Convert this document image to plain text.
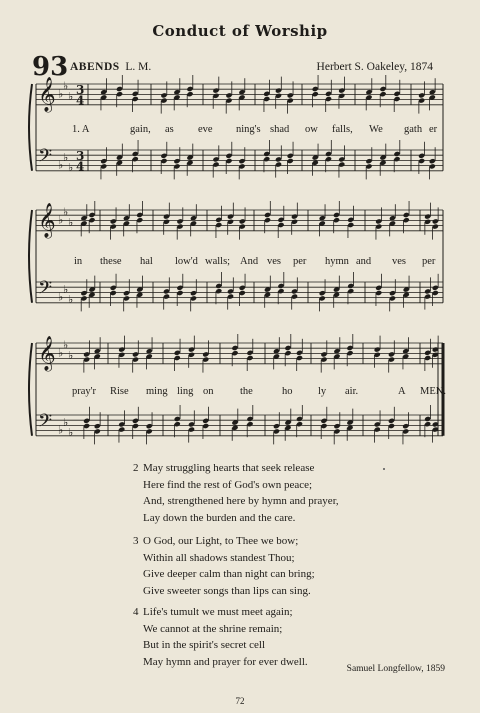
Conduct of Worship
93 ABENDS L. M.	Herbert S. Oakeley, 1874
𝄞 ♭
♭
♭ 3
4
𝄢 ♭
♭
♭
3
4
𝄞 ♭
♭
♭
𝄢 ♭
♭
♭
𝄞 ♭
♭
♭
𝄢 ♭
♭
♭
1. A	gain, as eve ning's shad ow falls, We gath er
in these hal low'd walls; And ves per hymn and ves per
pray'r Rise ming ling on	the	ho ly air.	A MEN.
2 May struggling hearts that seek release
Here find the rest of God's own peace;
And, strengthened here by hymn and prayer,
Lay down the burden and the care.
3 O God, our Light, to Thee we bow;
Within all shadows standest Thou;
Give deeper calm than night can bring;
Give sweeter songs than lips can sing.
4 Life's tumult we must meet again;
We cannot at the shrine remain;
But in the spirit's secret cell
May hymn and prayer for ever dwell.
Samuel Longfellow, 1859
72
